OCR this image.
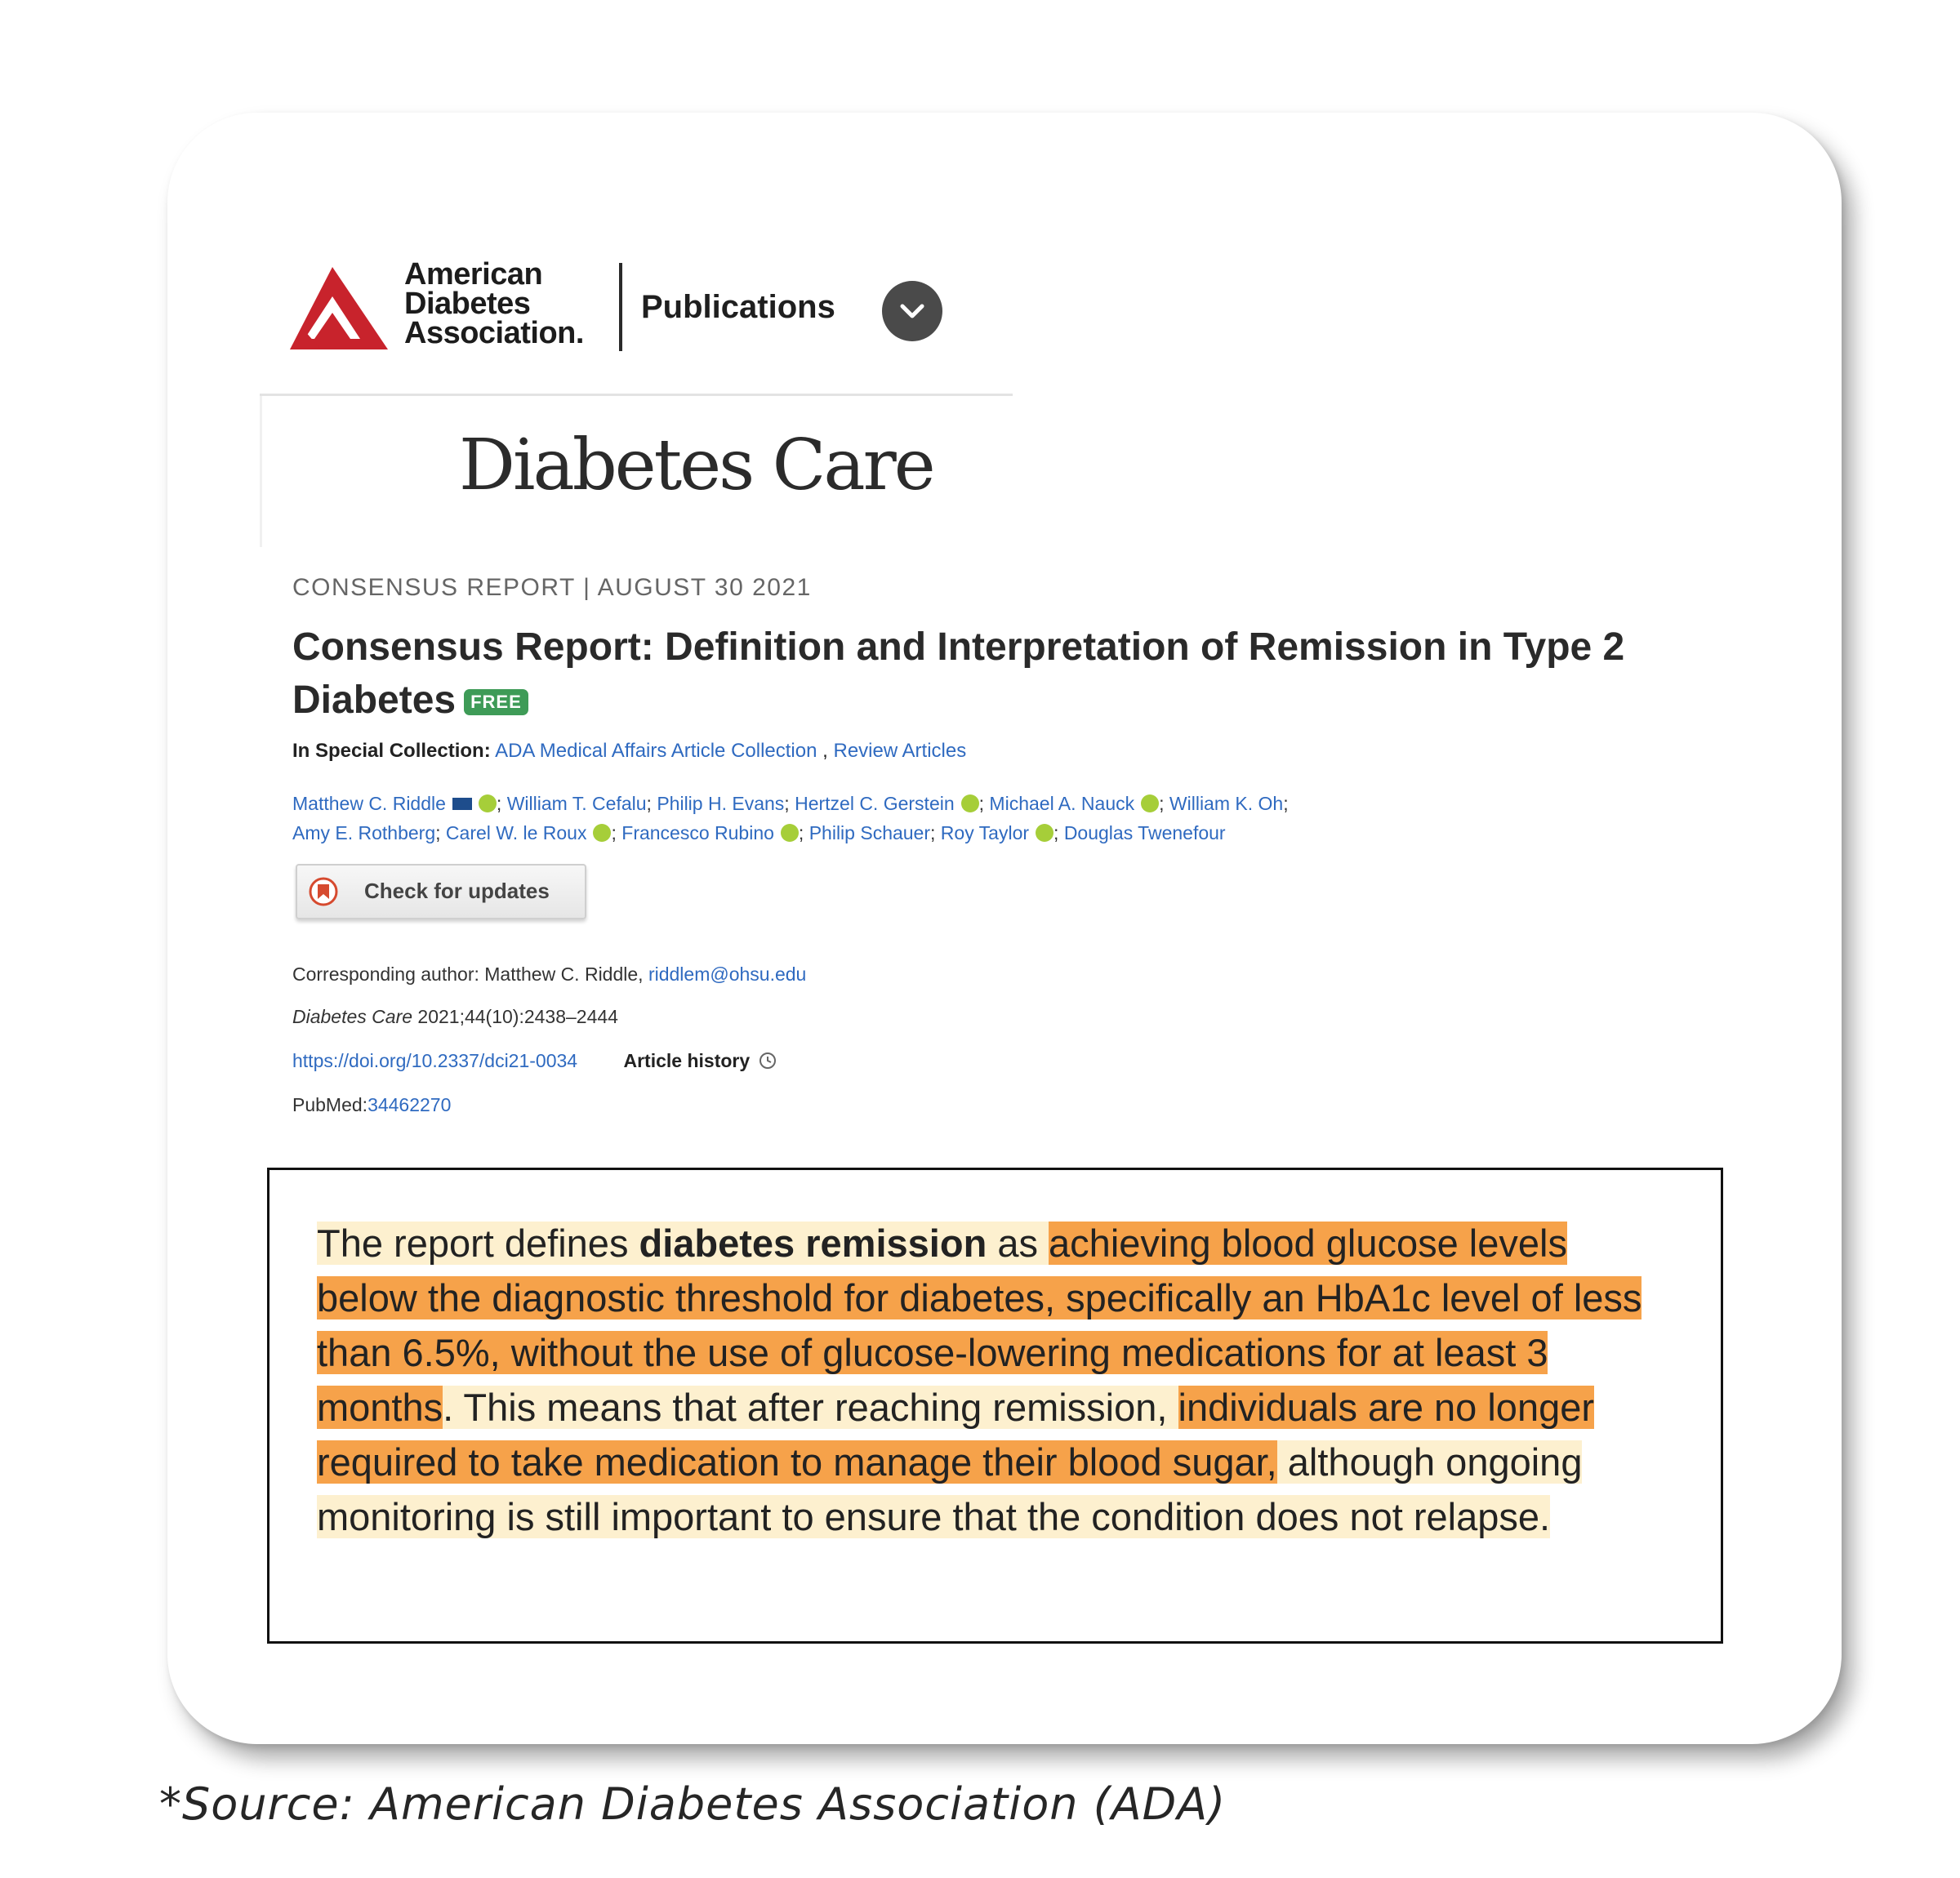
American
Diabetes
Association.
Publications
Diabetes Care
CONSENSUS REPORT | AUGUST 30 2021
Consensus Report: Definition and Interpretation of Remission in Type 2 Diabetes FREE
In Special Collection: ADA Medical Affairs Article Collection , Review Articles
Matthew C. Riddle	; William T. Cefalu; Philip H. Evans; Hertzel C. Gerstein ; Michael A. Nauck ; William K. Oh;
Amy E. Rothberg; Carel W. le Roux ; Francesco Rubino ; Philip Schauer; Roy Taylor ; Douglas Twenefour
Check for updates
Corresponding author: Matthew C. Riddle, riddlem@ohsu.edu
Diabetes Care 2021;44(10):2438–2444
https://doi.org/10.2337/dci21-0034 Article history
PubMed:34462270
The report defines diabetes remission as achieving blood glucose levels below the diagnostic threshold for diabetes, specifically an HbA1c level of less than 6.5%, without the use of glucose-lowering medications for at least 3 months. This means that after reaching remission, individuals are no longer required to take medication to manage their blood sugar, although ongoing monitoring is still important to ensure that the condition does not relapse.
*Source: American Diabetes Association (ADA)
